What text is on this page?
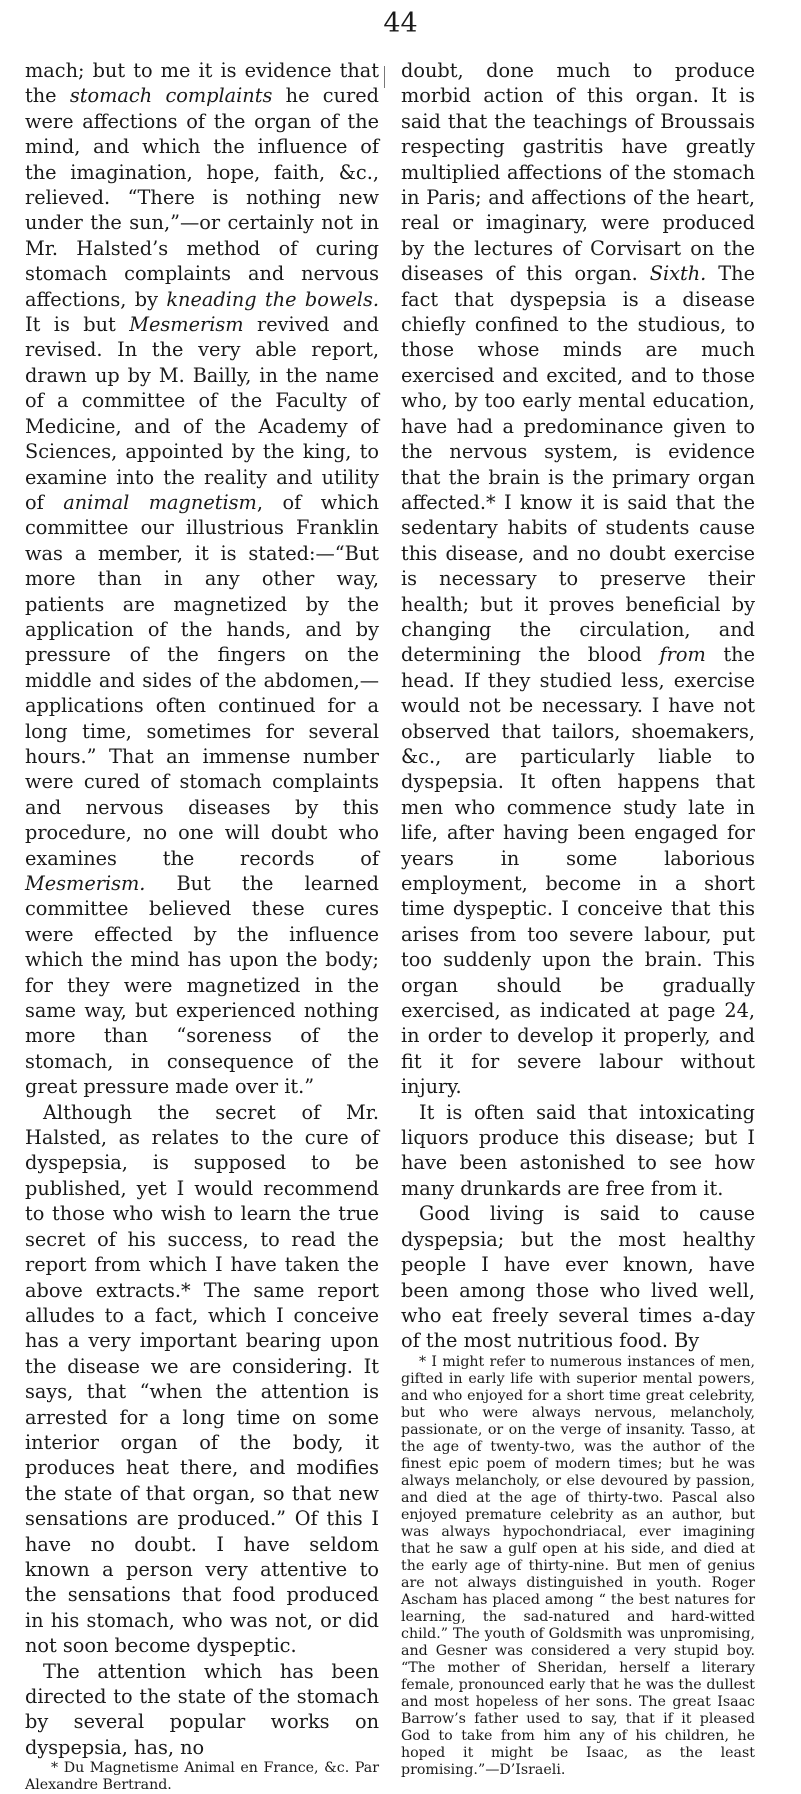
44

mach; but to me it is evidence that the stomach complaints he cured were affections of the organ of the mind, and which the influence of the imagination, hope, faith, &c., relieved. “There is nothing new under the sun,”—or certainly not in Mr. Halsted’s method of curing stomach complaints and nervous affections, by kneading the bowels. It is but Mesmerism revived and revised. In the very able report, drawn up by M. Bailly, in the name of a committee of the Faculty of Medicine, and of the Academy of Sciences, appointed by the king, to examine into the reality and utility of animal magnetism, of which committee our illustrious Franklin was a member, it is stated:—“But more than in any other way, patients are magnetized by the application of the hands, and by pressure of the fingers on the middle and sides of the abdomen,—applications often continued for a long time, sometimes for several hours.” That an immense number were cured of stomach complaints and nervous diseases by this procedure, no one will doubt who examines the records of Mesmerism. But the learned committee believed these cures were effected by the influence which the mind has upon the body; for they were magnetized in the same way, but experienced nothing more than “soreness of the stomach, in consequence of the great pressure made over it.”

Although the secret of Mr. Halsted, as relates to the cure of dyspepsia, is supposed to be published, yet I would recommend to those who wish to learn the true secret of his success, to read the report from which I have taken the above extracts.* The same report alludes to a fact, which I conceive has a very important bearing upon the disease we are considering. It says, that “when the attention is arrested for a long time on some interior organ of the body, it produces heat there, and modifies the state of that organ, so that new sensations are produced.” Of this I have no doubt. I have seldom known a person very attentive to the sensations that food produced in his stomach, who was not, or did not soon become dyspeptic.

The attention which has been directed to the state of the stomach by several popular works on dyspepsia, has, no

* Du Magnetisme Animal en France, &c. Par Alexandre Bertrand.

doubt, done much to produce morbid action of this organ. It is said that the teachings of Broussais respecting gastritis have greatly multiplied affections of the stomach in Paris; and affections of the heart, real or imaginary, were produced by the lectures of Corvisart on the diseases of this organ. Sixth. The fact that dyspepsia is a disease chiefly confined to the studious, to those whose minds are much exercised and excited, and to those who, by too early mental education, have had a predominance given to the nervous system, is evidence that the brain is the primary organ affected.* I know it is said that the sedentary habits of students cause this disease, and no doubt exercise is necessary to preserve their health; but it proves beneficial by changing the circulation, and determining the blood from the head. If they studied less, exercise would not be necessary. I have not observed that tailors, shoemakers, &c., are particularly liable to dyspepsia. It often happens that men who commence study late in life, after having been engaged for years in some laborious employment, become in a short time dyspeptic. I conceive that this arises from too severe labour, put too suddenly upon the brain. This organ should be gradually exercised, as indicated at page 24, in order to develop it properly, and fit it for severe labour without injury.

It is often said that intoxicating liquors produce this disease; but I have been astonished to see how many drunkards are free from it.

Good living is said to cause dyspepsia; but the most healthy people I have ever known, have been among those who lived well, who eat freely several times a-day of the most nutritious food. By

* I might refer to numerous instances of men, gifted in early life with superior mental powers, and who enjoyed for a short time great celebrity, but who were always nervous, melancholy, passionate, or on the verge of insanity. Tasso, at the age of twenty-two, was the author of the finest epic poem of modern times; but he was always melancholy, or else devoured by passion, and died at the age of thirty-two. Pascal also enjoyed premature celebrity as an author, but was always hypochondriacal, ever imagining that he saw a gulf open at his side, and died at the early age of thirty-nine. But men of genius are not always distinguished in youth. Roger Ascham has placed among “ the best natures for learning, the sad-natured and hard-witted child.” The youth of Goldsmith was unpromising, and Gesner was considered a very stupid boy. “The mother of Sheridan, herself a literary female, pronounced early that he was the dullest and most hopeless of her sons. The great Isaac Barrow’s father used to say, that if it pleased God to take from him any of his children, he hoped it might be Isaac, as the least promising.”—D’Israeli.
